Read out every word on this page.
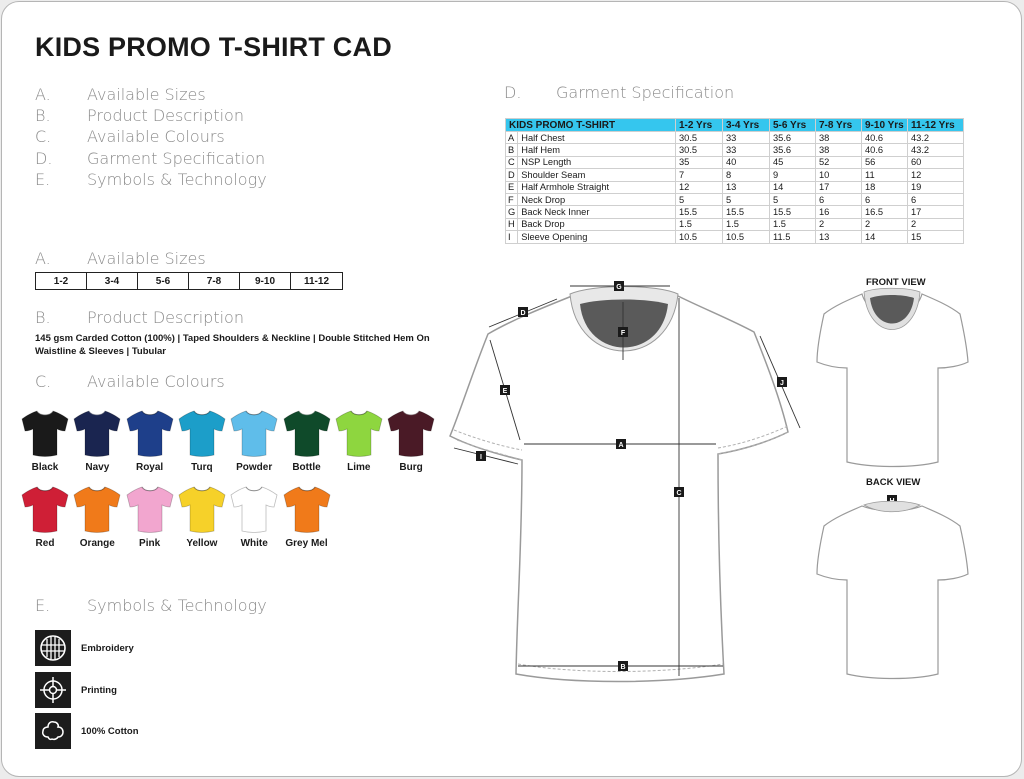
KIDS PROMO T-SHIRT CAD
A.	Available Sizes
B.	Product Description
C.	Available Colours
D.	Garment Specification
E.	Symbols & Technology
A.	Available Sizes
1-2	3-4	5-6	7-8	9-10	11-12
B.	Product Description
145 gsm Carded Cotton (100%) | Taped Shoulders & Neckline | Double Stitched Hem On Waistline & Sleeves | Tubular
C.	Available Colours
Black	Navy	Royal	Turq	Powder	Bottle	Lime	Burg
Red	Orange	Pink	Yellow	White	Grey Mel
E.	Symbols & Technology
Embroidery
Printing
100% Cotton
D.	Garment Specification
KIDS PROMO T-SHIRT		1-2 Yrs	3-4 Yrs	5-6 Yrs	7-8 Yrs	9-10 Yrs	11-12 Yrs
A	Half Chest	30.5	33	35.6	38	40.6	43.2
B	Half Hem	30.5	33	35.6	38	40.6	43.2
C	NSP Length	35	40	45	52	56	60
D	Shoulder Seam	7	8	9	10	11	12
E	Half Armhole Straight	12	13	14	17	18	19
F	Neck Drop	5	5	5	6	6	6
G	Back Neck Inner	15.5	15.5	15.5	16	16.5	17
H	Back Drop	1.5	1.5	1.5	2	2	2
I	Sleeve Opening	10.5	10.5	11.5	13	14	15
G
D
F
E
J
A
I
C
B
FRONT VIEW
BACK VIEW
